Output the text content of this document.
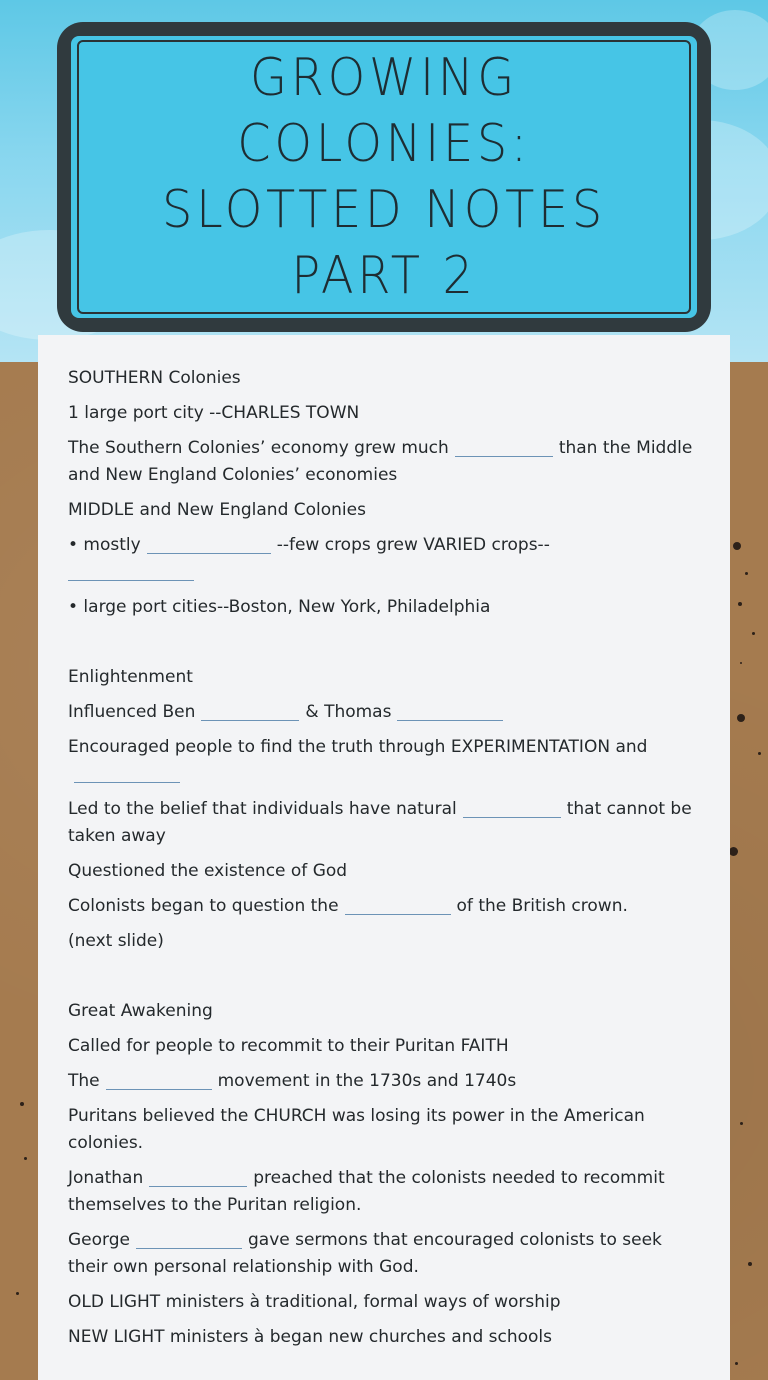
GROWING COLONIES: SLOTTED NOTES PART 2
SOUTHERN Colonies
1 large port city --CHARLES TOWN
The Southern Colonies’ economy grew much	than the Middle and New England Colonies’ economies
MIDDLE and New England Colonies
• mostly	--few crops grew VARIED crops--

• large port cities--Boston, New York, Philadelphia
Enlightenment
Influenced Ben	& Thomas
Encouraged people to find the truth through EXPERIMENTATION and

Led to the belief that individuals have natural	that cannot be taken away
Questioned the existence of God
Colonists began to question the	of the British crown.
(next slide)
Great Awakening
Called for people to recommit to their Puritan FAITH
The	movement in the 1730s and 1740s
Puritans believed the CHURCH was losing its power in the American colonies.
Jonathan	preached that the colonists needed to recommit themselves to the Puritan religion.
George	gave sermons that encouraged colonists to seek their own personal relationship with God.
OLD LIGHT ministers à traditional, formal ways of worship
NEW LIGHT ministers à began new churches and schools
